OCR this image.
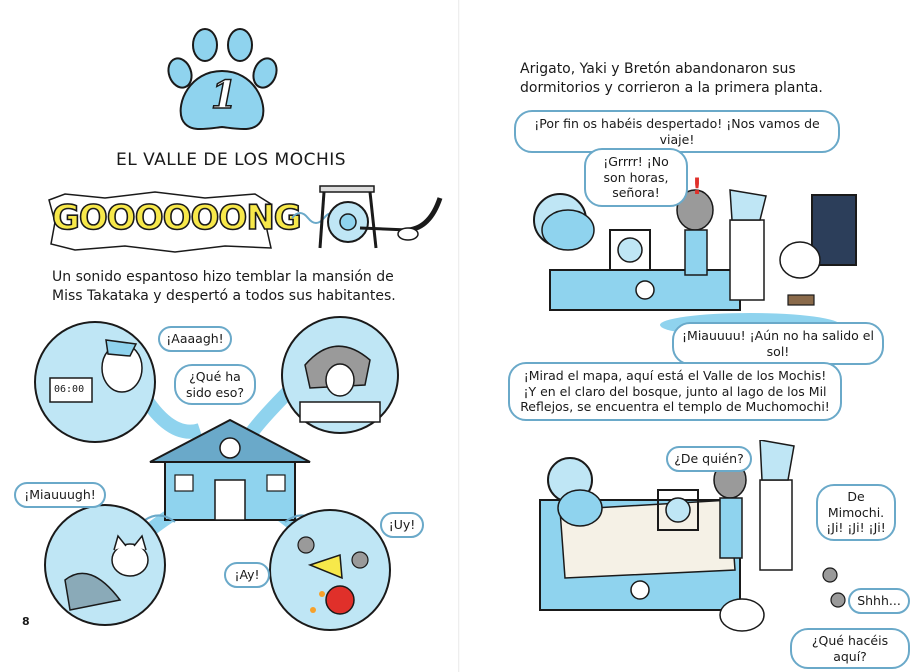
1
EL VALLE DE LOS MOCHIS
GOOOOOONG
Un sonido espantoso hizo temblar la mansión de Miss Takataka y despertó a todos sus habitantes.
06:00
¡Aaaagh!
¿Qué ha sido eso?
¡Miauuugh!
¡Ay!
¡Uy!
8
Arigato, Yaki y Bretón abandonaron sus dormitorios y corrieron a la primera planta.
!
¡Por fin os habéis despertado! ¡Nos vamos de viaje!
¡Grrrr! ¡No son horas, señora!
¡Miauuuu! ¡Aún no ha salido el sol!
¡Mirad el mapa, aquí está el Valle de los Mochis! ¡Y en el claro del bosque, junto al lago de los Mil Reflejos, se encuentra el templo de Muchomochi!
¿De quién?
De Mimochi. ¡Ji! ¡Ji! ¡Ji!
Shhh...
¿Qué hacéis aquí?
